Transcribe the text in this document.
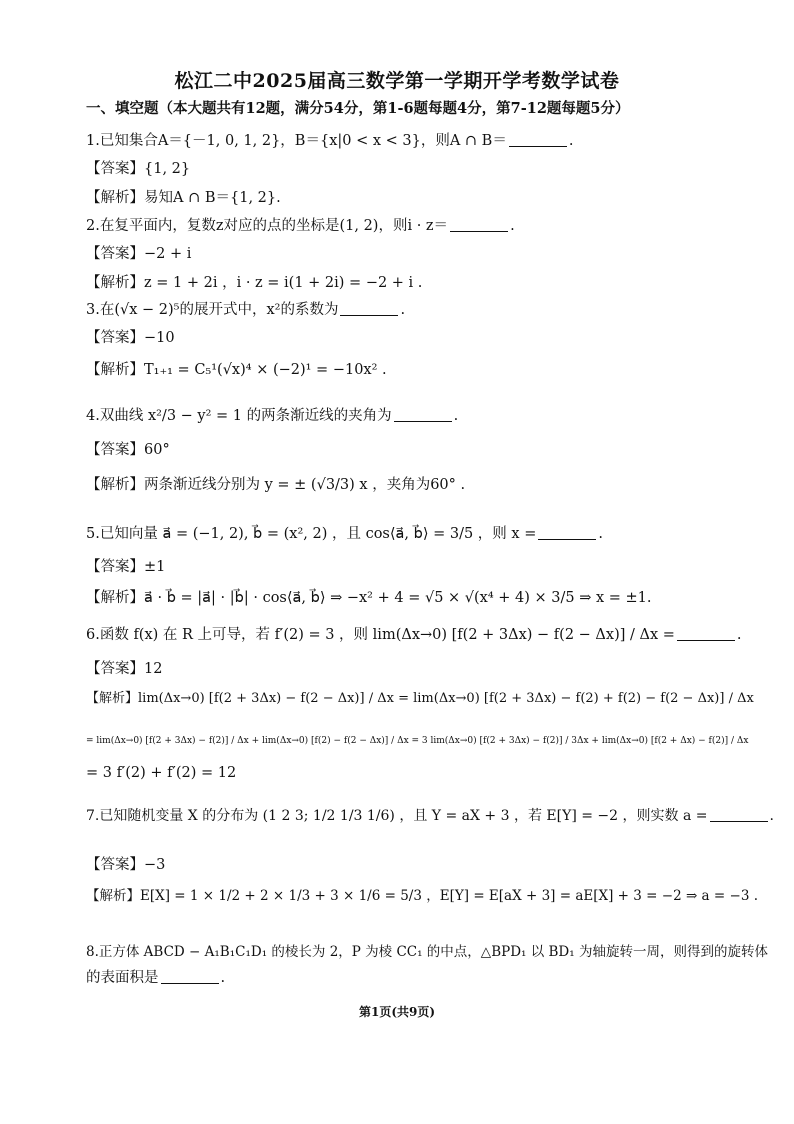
松江二中2025届高三数学第一学期开学考数学试卷
一、填空题（本大题共有12题，满分54分，第1-6题每题4分，第7-12题每题5分）
1.已知集合A＝{－1, 0, 1, 2}，B＝{x|0 < x < 3}，则A ∩ B＝	.
【答案】{1, 2}
【解析】易知A ∩ B＝{1, 2}.
2.在复平面内，复数z对应的点的坐标是(1, 2)，则i · z＝	.
【答案】−2 + i
【解析】z = 1 + 2i ，i · z = i(1 + 2i) = −2 + i .
3.在(√x − 2)⁵的展开式中，x²的系数为	.
【答案】−10
【解析】T₁₊₁ = C₅¹(√x)⁴ × (−2)¹ = −10x² .
4.双曲线 x²/3 − y² = 1 的两条渐近线的夹角为	.
【答案】60°
【解析】两条渐近线分别为 y = ± (√3/3) x ，夹角为60° .
5.已知向量 a⃗ = (−1, 2), b⃗ = (x², 2) ，且 cos⟨a⃗, b⃗⟩ = 3/5 ，则 x =	.
【答案】±1
【解析】a⃗ · b⃗ = |a⃗| · |b⃗| · cos⟨a⃗, b⃗⟩ ⇒ −x² + 4 = √5 × √(x⁴ + 4) × 3/5 ⇒ x = ±1.
6.函数 f(x) 在 R 上可导，若 f′(2) = 3 ，则 lim(Δx→0) [f(2 + 3Δx) − f(2 − Δx)] / Δx =	.
【答案】12
【解析】lim(Δx→0) [f(2 + 3Δx) − f(2 − Δx)] / Δx = lim(Δx→0) [f(2 + 3Δx) − f(2) + f(2) − f(2 − Δx)] / Δx
= lim(Δx→0) [f(2 + 3Δx) − f(2)] / Δx + lim(Δx→0) [f(2) − f(2 − Δx)] / Δx = 3 lim(Δx→0) [f(2 + 3Δx) − f(2)] / 3Δx + lim(Δx→0) [f(2 + Δx) − f(2)] / Δx
= 3 f′(2) + f′(2) = 12
7.已知随机变量 X 的分布为 (1 2 3; 1/2 1/3 1/6) ，且 Y = aX + 3 ，若 E[Y] = −2 ，则实数 a =	.
【答案】−3
【解析】E[X] = 1 × 1/2 + 2 × 1/3 + 3 × 1/6 = 5/3 ，E[Y] = E[aX + 3] = aE[X] + 3 = −2 ⇒ a = −3 .
8.正方体 ABCD − A₁B₁C₁D₁ 的棱长为 2，P 为棱 CC₁ 的中点，△BPD₁ 以 BD₁ 为轴旋转一周，则得到的旋转体
的表面积是	.
第1页(共9页)
